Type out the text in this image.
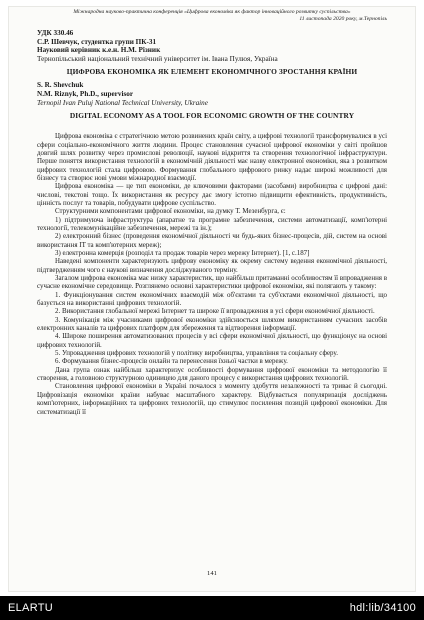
Міжнародна науково-практична конференція «Цифрова економіка як фактор інноваційного розвитку суспільства»
11 листопада 2020 року, м.Тернопіль
УДК 330.46
С.Р. Шевчук, студентка групи ПК-31
Науковий керівник к.е.н. Н.М. Різник
Тернопільський національний технічний університет ім. Івана Пулюя, Україна
ЦИФРОВА ЕКОНОМІКА ЯК ЕЛЕМЕНТ ЕКОНОМІЧНОГО ЗРОСТАННЯ КРАЇНИ
S. R. Shevchuk
N.M. Riznyk, Ph.D., supervisor
Ternopil Ivan Puluj National Technical University, Ukraine
DIGITAL ECONOMY AS A TOOL FOR ECONOMIC GROWTH OF THE COUNTRY

Цифрова економіка є стратегічною метою розвинених країн світу, а цифрові технології трансформувалися в усі сфери соціально-економічного життя людини. Процес становлення сучасної цифрової економіки у світі пройшов довгий шлях розвитку через промислові революції, наукові відкриття та створення технологічної інфраструктури. Перше поняття використання технологій в економічній діяльності має назву електронної економіки, яка з розвитком цифрових технологій стала цифровою. Формування глобального цифрового ринку надає широкі можливості для бізнесу та створює нові умови міжнародної взаємодії.

Цифрова економіка — це тип економіки, де ключовими факторами (засобами) виробництва є цифрові дані: числові, текстові тощо. Їх використання як ресурсу дає змогу істотно підвищити ефективність, продуктивність, цінність послуг та товарів, побудувати цифрове суспільство.

Структурними компонентами цифрової економіки, на думку Т. Мезенбурга, є:

1) підтримуюча інфраструктура (апаратне та програмне забезпечення, системи автоматизації, комп'ютерні технології, телекомунікаційне забезпечення, мережі та ін.);

2) електронний бізнес (проведення економічної діяльності чи будь-яких бізнес-процесів, дій, систем на основі використання IT та комп'ютерних мереж);

3) електронна комерція (розподіл та продаж товарів через мережу Інтернет). [1, с.187]

Наведені компоненти характеризують цифрову економіку як окрему систему ведення економічної діяльності, підтвердженням чого є наукові визначення досліджуваного терміну.

Загалом цифрова економіка має низку характеристик, що найбільш притаманні особливостям її впровадження в сучасне економічне середовище. Розглянемо основні характеристики цифрової економіки, які полягають у такому:

1. Функціонування систем економічних взаємодій між об'єктами та суб'єктами економічної діяльності, що базується на використанні цифрових технологій.

2. Використання глобальної мережі Інтернет та широке її впровадження в усі сфери економічної діяльності.

3. Комунікація між учасниками цифрової економіки здійснюється шляхом використанням сучасних засобів електронних каналів та цифрових платформ для збереження та відтворення інформації.

4. Широке поширення автоматизованих процесів у всі сфери економічної діяльності, що функціонує на основі цифрових технологій.

5. Упровадження цифрових технологій у політику виробництва, управління та соціальну сферу.

6. Формування бізнес-процесів онлайн та перенесення їхньої частки в мережу.

Дана група ознак найбільш характеризує особливості формування цифрової економіки та методологію її створення, а головною структурною одиницею для даного процесу є використання цифрових технологій.

Становлення цифрової економіки в Україні почалося з моменту здобуття незалежності та триває й сьогодні. Цифровізація економіки країни набуває масштабного характеру. Відбувається популяризація досліджень комп'ютерних, інформаційних та цифрових технологій, що стимулює посилення позицій цифрової економіки. Для систематизації її

141
ELARTU	hdl:lib/34100
